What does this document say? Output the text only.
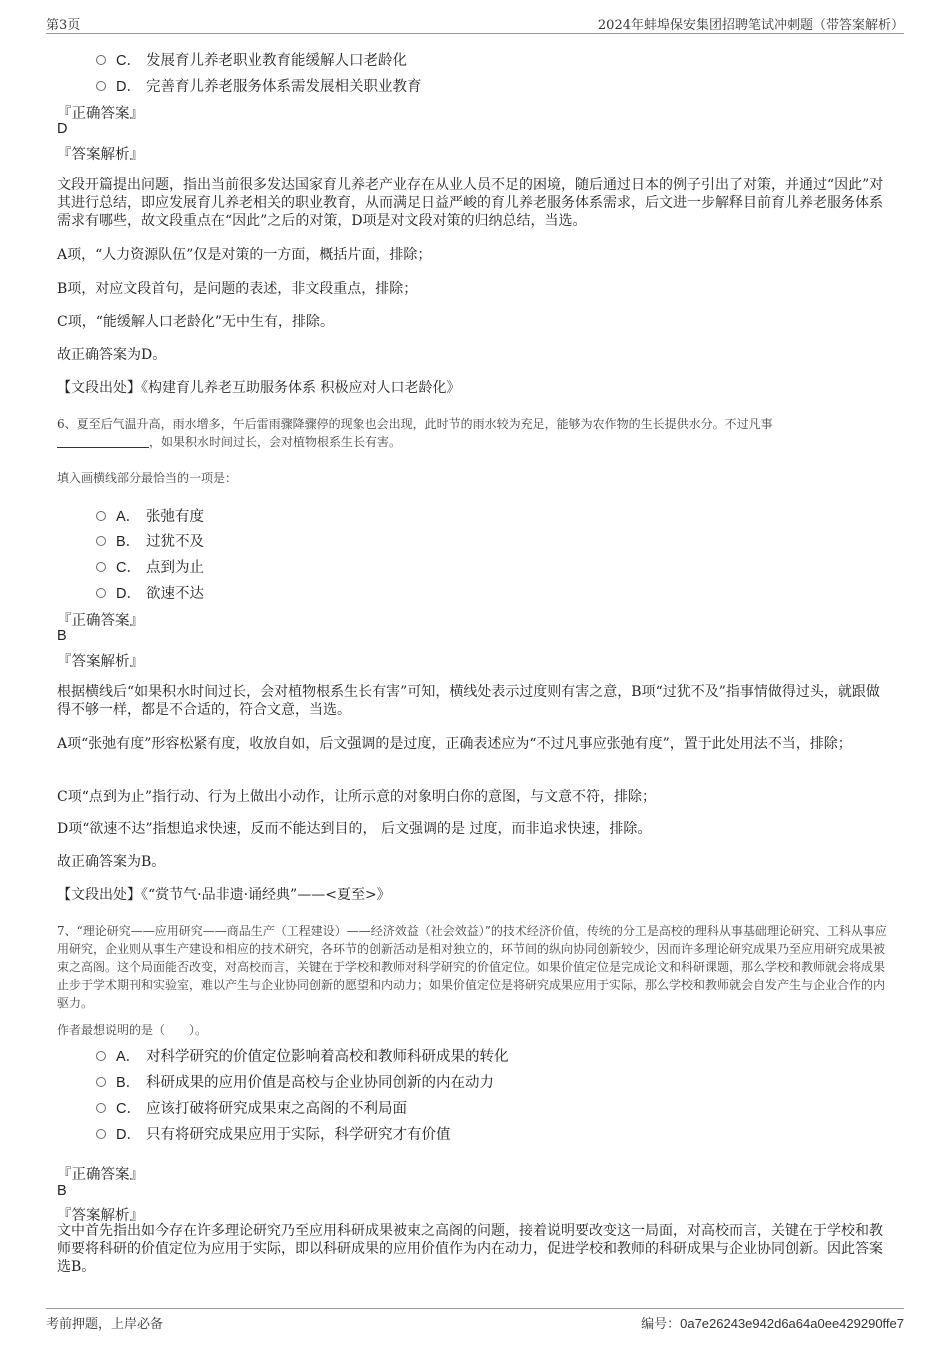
第3页	2024年蚌埠保安集团招聘笔试冲刺题（带答案解析）
C． 发展育儿养老职业教育能缓解人口老龄化
D． 完善育儿养老服务体系需发展相关职业教育
『正确答案』
D
『答案解析』
文段开篇提出问题，指出当前很多发达国家育儿养老产业存在从业人员不足的困境，随后通过日本的例子引出了对策，并通过“因此”对其进行总结，即应发展育儿养老相关的职业教育，从而满足日益严峻的育儿养老服务体系需求，后文进一步解释目前育儿养老服务体系需求有哪些，故文段重点在“因此”之后的对策，D项是对文段对策的归纳总结，当选。
A项，“人力资源队伍”仅是对策的一方面，概括片面，排除；
B项，对应文段首句，是问题的表述，非文段重点，排除；
C项，“能缓解人口老龄化”无中生有，排除。
故正确答案为D。
【文段出处】《构建育儿养老互助服务体系 积极应对人口老龄化》
6、夏至后气温升高，雨水增多，午后雷雨骤降骤停的现象也会出现，此时节的雨水较为充足，能够为农作物的生长提供水分。不过凡事
，如果积水时间过长，会对植物根系生长有害。
填入画横线部分最恰当的一项是：
A． 张弛有度
B． 过犹不及
C． 点到为止
D． 欲速不达
『正确答案』
B
『答案解析』
根据横线后“如果积水时间过长，会对植物根系生长有害”可知，横线处表示过度则有害之意，B项“过犹不及”指事情做得过头，就跟做得不够一样，都是不合适的，符合文意，当选。
A项“张弛有度”形容松紧有度，收放自如，后文强调的是过度，正确表述应为“不过凡事应张弛有度”，置于此处用法不当，排除；
C项“点到为止”指行动、行为上做出小动作，让所示意的对象明白你的意图，与文意不符，排除；
D项“欲速不达”指想追求快速，反而不能达到目的， 后文强调的是 过度，而非追求快速，排除。
故正确答案为B。
【文段出处】《“赏节气·品非遗·诵经典”——<夏至>》
7、“理论研究——应用研究——商品生产（工程建设）——经济效益（社会效益）”的技术经济价值，传统的分工是高校的理科从事基础理论研究、工科从事应用研究，企业则从事生产建设和相应的技术研究，各环节的创新活动是相对独立的，环节间的纵向协同创新较少，因而许多理论研究成果乃至应用研究成果被束之高阁。这个局面能否改变，对高校而言，关键在于学校和教师对科学研究的价值定位。如果价值定位是完成论文和科研课题，那么学校和教师就会将成果止步于学术期刊和实验室，难以产生与企业协同创新的愿望和内动力；如果价值定位是将研究成果应用于实际，那么学校和教师就会自发产生与企业合作的内驱力。
作者最想说明的是（　　）。
A． 对科学研究的价值定位影响着高校和教师科研成果的转化
B． 科研成果的应用价值是高校与企业协同创新的内在动力
C． 应该打破将研究成果束之高阁的不利局面
D． 只有将研究成果应用于实际，科学研究才有价值
『正确答案』
B
『答案解析』
文中首先指出如今存在许多理论研究乃至应用科研成果被束之高阁的问题，接着说明要改变这一局面，对高校而言，关键在于学校和教师要将科研的价值定位为应用于实际，即以科研成果的应用价值作为内在动力，促进学校和教师的科研成果与企业协同创新。因此答案选B。
考前押题，上岸必备	编号：0a7e26243e942d6a64a0ee429290ffe7
